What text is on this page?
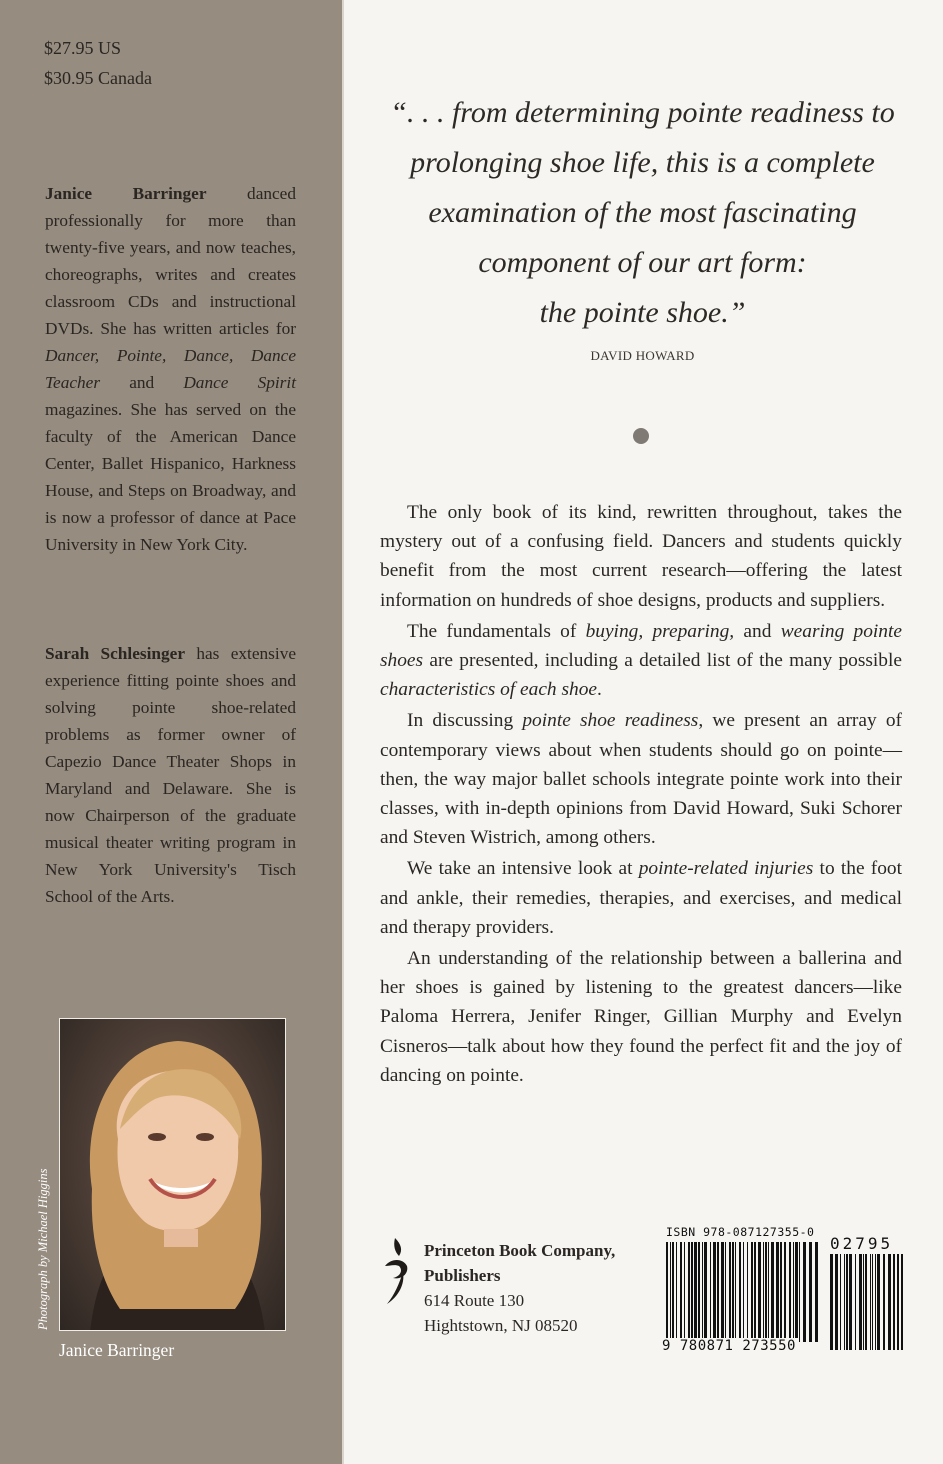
$27.95 US
$30.95 Canada
Janice Barringer danced professionally for more than twenty-five years, and now teaches, choreographs, writes and creates classroom CDs and instructional DVDs. She has written articles for Dancer, Pointe, Dance, Dance Teacher and Dance Spirit magazines. She has served on the faculty of the American Dance Center, Ballet Hispanico, Harkness House, and Steps on Broadway, and is now a professor of dance at Pace University in New York City.
Sarah Schlesinger has extensive experience fitting pointe shoes and solving pointe shoe-related problems as former owner of Capezio Dance Theater Shops in Maryland and Delaware. She is now Chairperson of the graduate musical theater writing program in New York University's Tisch School of the Arts.
Photograph by Michael Higgins
Janice Barringer
“. . . from determining pointe readiness to
prolonging shoe life, this is a complete
examination of the most fascinating
component of our art form:
the pointe shoe.”
DAVID HOWARD

The only book of its kind, rewritten throughout, takes the mystery out of a confusing field. Dancers and students quickly benefit from the most current research—offering the latest information on hundreds of shoe designs, products and suppliers.

The fundamentals of buying, preparing, and wearing pointe shoes are presented, including a detailed list of the many possible characteristics of each shoe.

In discussing pointe shoe readiness, we present an array of contemporary views about when students should go on pointe—then, the way major ballet schools integrate pointe work into their classes, with in-depth opinions from David Howard, Suki Schorer and Steven Wistrich, among others.

We take an intensive look at pointe-related injuries to the foot and ankle, their remedies, therapies, and exercises, and medical and therapy providers.

An understanding of the relationship between a ballerina and her shoes is gained by listening to the greatest dancers—like Paloma Herrera, Jenifer Ringer, Gillian Murphy and Evelyn Cisneros—talk about how they found the perfect fit and the joy of dancing on pointe.

Princeton Book Company,
Publishers
614 Route 130
Hightstown, NJ 08520
ISBN 978-087127355-0
02795
9 780871 273550
